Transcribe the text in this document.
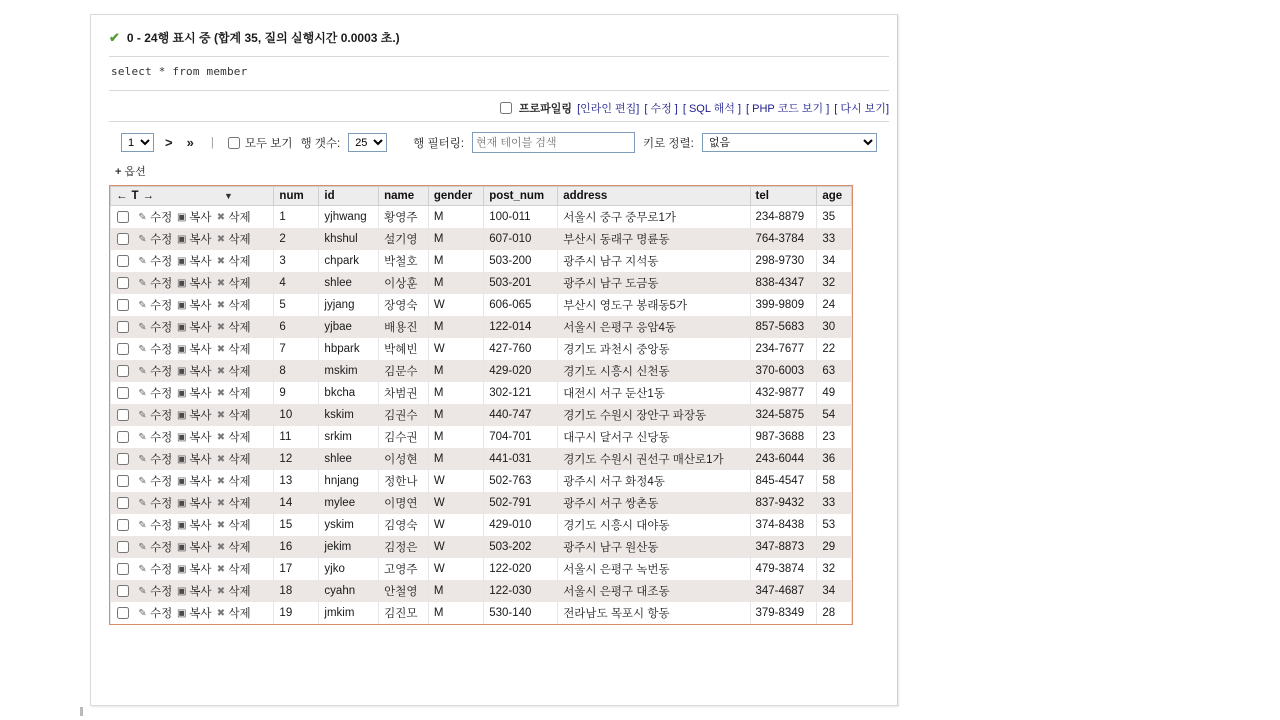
✔ 0 - 24행 표시 중 (합계 35, 질의 실행시간 0.0003 초.)
select * from member
프로파일링 [인라인 편집] [ 수정 ] [ SQL 해석 ] [ PHP 코드 보기 ] [ 다시 보기]
1
> »	|	모두 보기 행 갯수:
25	행 필터링:
현재 테이블 검색	키로 정렬:
없음
+ 옵션
← T → ▼	num	id	name	gender	post_num	address	tel	age

✎ 수정 ▣ 복사 ✖ 삭제	1	yjhwang	황영주	M	100-011	서울시 중구 중무로1가	234-8879	35

✎ 수정 ▣ 복사 ✖ 삭제	2	khshul	설기영	M	607-010	부산시 동래구 명륜동	764-3784	33

✎ 수정 ▣ 복사 ✖ 삭제	3	chpark	박철호	M	503-200	광주시 남구 지석동	298-9730	34

✎ 수정 ▣ 복사 ✖ 삭제	4	shlee	이상훈	M	503-201	광주시 남구 도금동	838-4347	32

✎ 수정 ▣ 복사 ✖ 삭제	5	jyjang	장영숙	W	606-065	부산시 영도구 봉래동5가	399-9809	24

✎ 수정 ▣ 복사 ✖ 삭제	6	yjbae	배용진	M	122-014	서울시 은평구 응암4동	857-5683	30

✎ 수정 ▣ 복사 ✖ 삭제	7	hbpark	박혜빈	W	427-760	경기도 과천시 중앙동	234-7677	22

✎ 수정 ▣ 복사 ✖ 삭제	8	mskim	김문수	M	429-020	경기도 시흥시 신천동	370-6003	63

✎ 수정 ▣ 복사 ✖ 삭제	9	bkcha	차범권	M	302-121	대전시 서구 둔산1동	432-9877	49

✎ 수정 ▣ 복사 ✖ 삭제	10	kskim	김권수	M	440-747	경기도 수원시 장안구 파장동	324-5875	54

✎ 수정 ▣ 복사 ✖ 삭제	11	srkim	김수권	M	704-701	대구시 달서구 신당동	987-3688	23

✎ 수정 ▣ 복사 ✖ 삭제	12	shlee	이성현	M	441-031	경기도 수원시 권선구 매산로1가	243-6044	36

✎ 수정 ▣ 복사 ✖ 삭제	13	hnjang	정한나	W	502-763	광주시 서구 화정4동	845-4547	58

✎ 수정 ▣ 복사 ✖ 삭제	14	mylee	이명연	W	502-791	광주시 서구 쌍촌동	837-9432	33

✎ 수정 ▣ 복사 ✖ 삭제	15	yskim	김영숙	W	429-010	경기도 시흥시 대야동	374-8438	53

✎ 수정 ▣ 복사 ✖ 삭제	16	jekim	김정은	W	503-202	광주시 남구 원산동	347-8873	29

✎ 수정 ▣ 복사 ✖ 삭제	17	yjko	고영주	W	122-020	서울시 은평구 녹번동	479-3874	32

✎ 수정 ▣ 복사 ✖ 삭제	18	cyahn	안철영	M	122-030	서울시 은평구 대조동	347-4687	34

✎ 수정 ▣ 복사 ✖ 삭제	19	jmkim	김진모	M	530-140	전라남도 목포시 항동	379-8349	28
